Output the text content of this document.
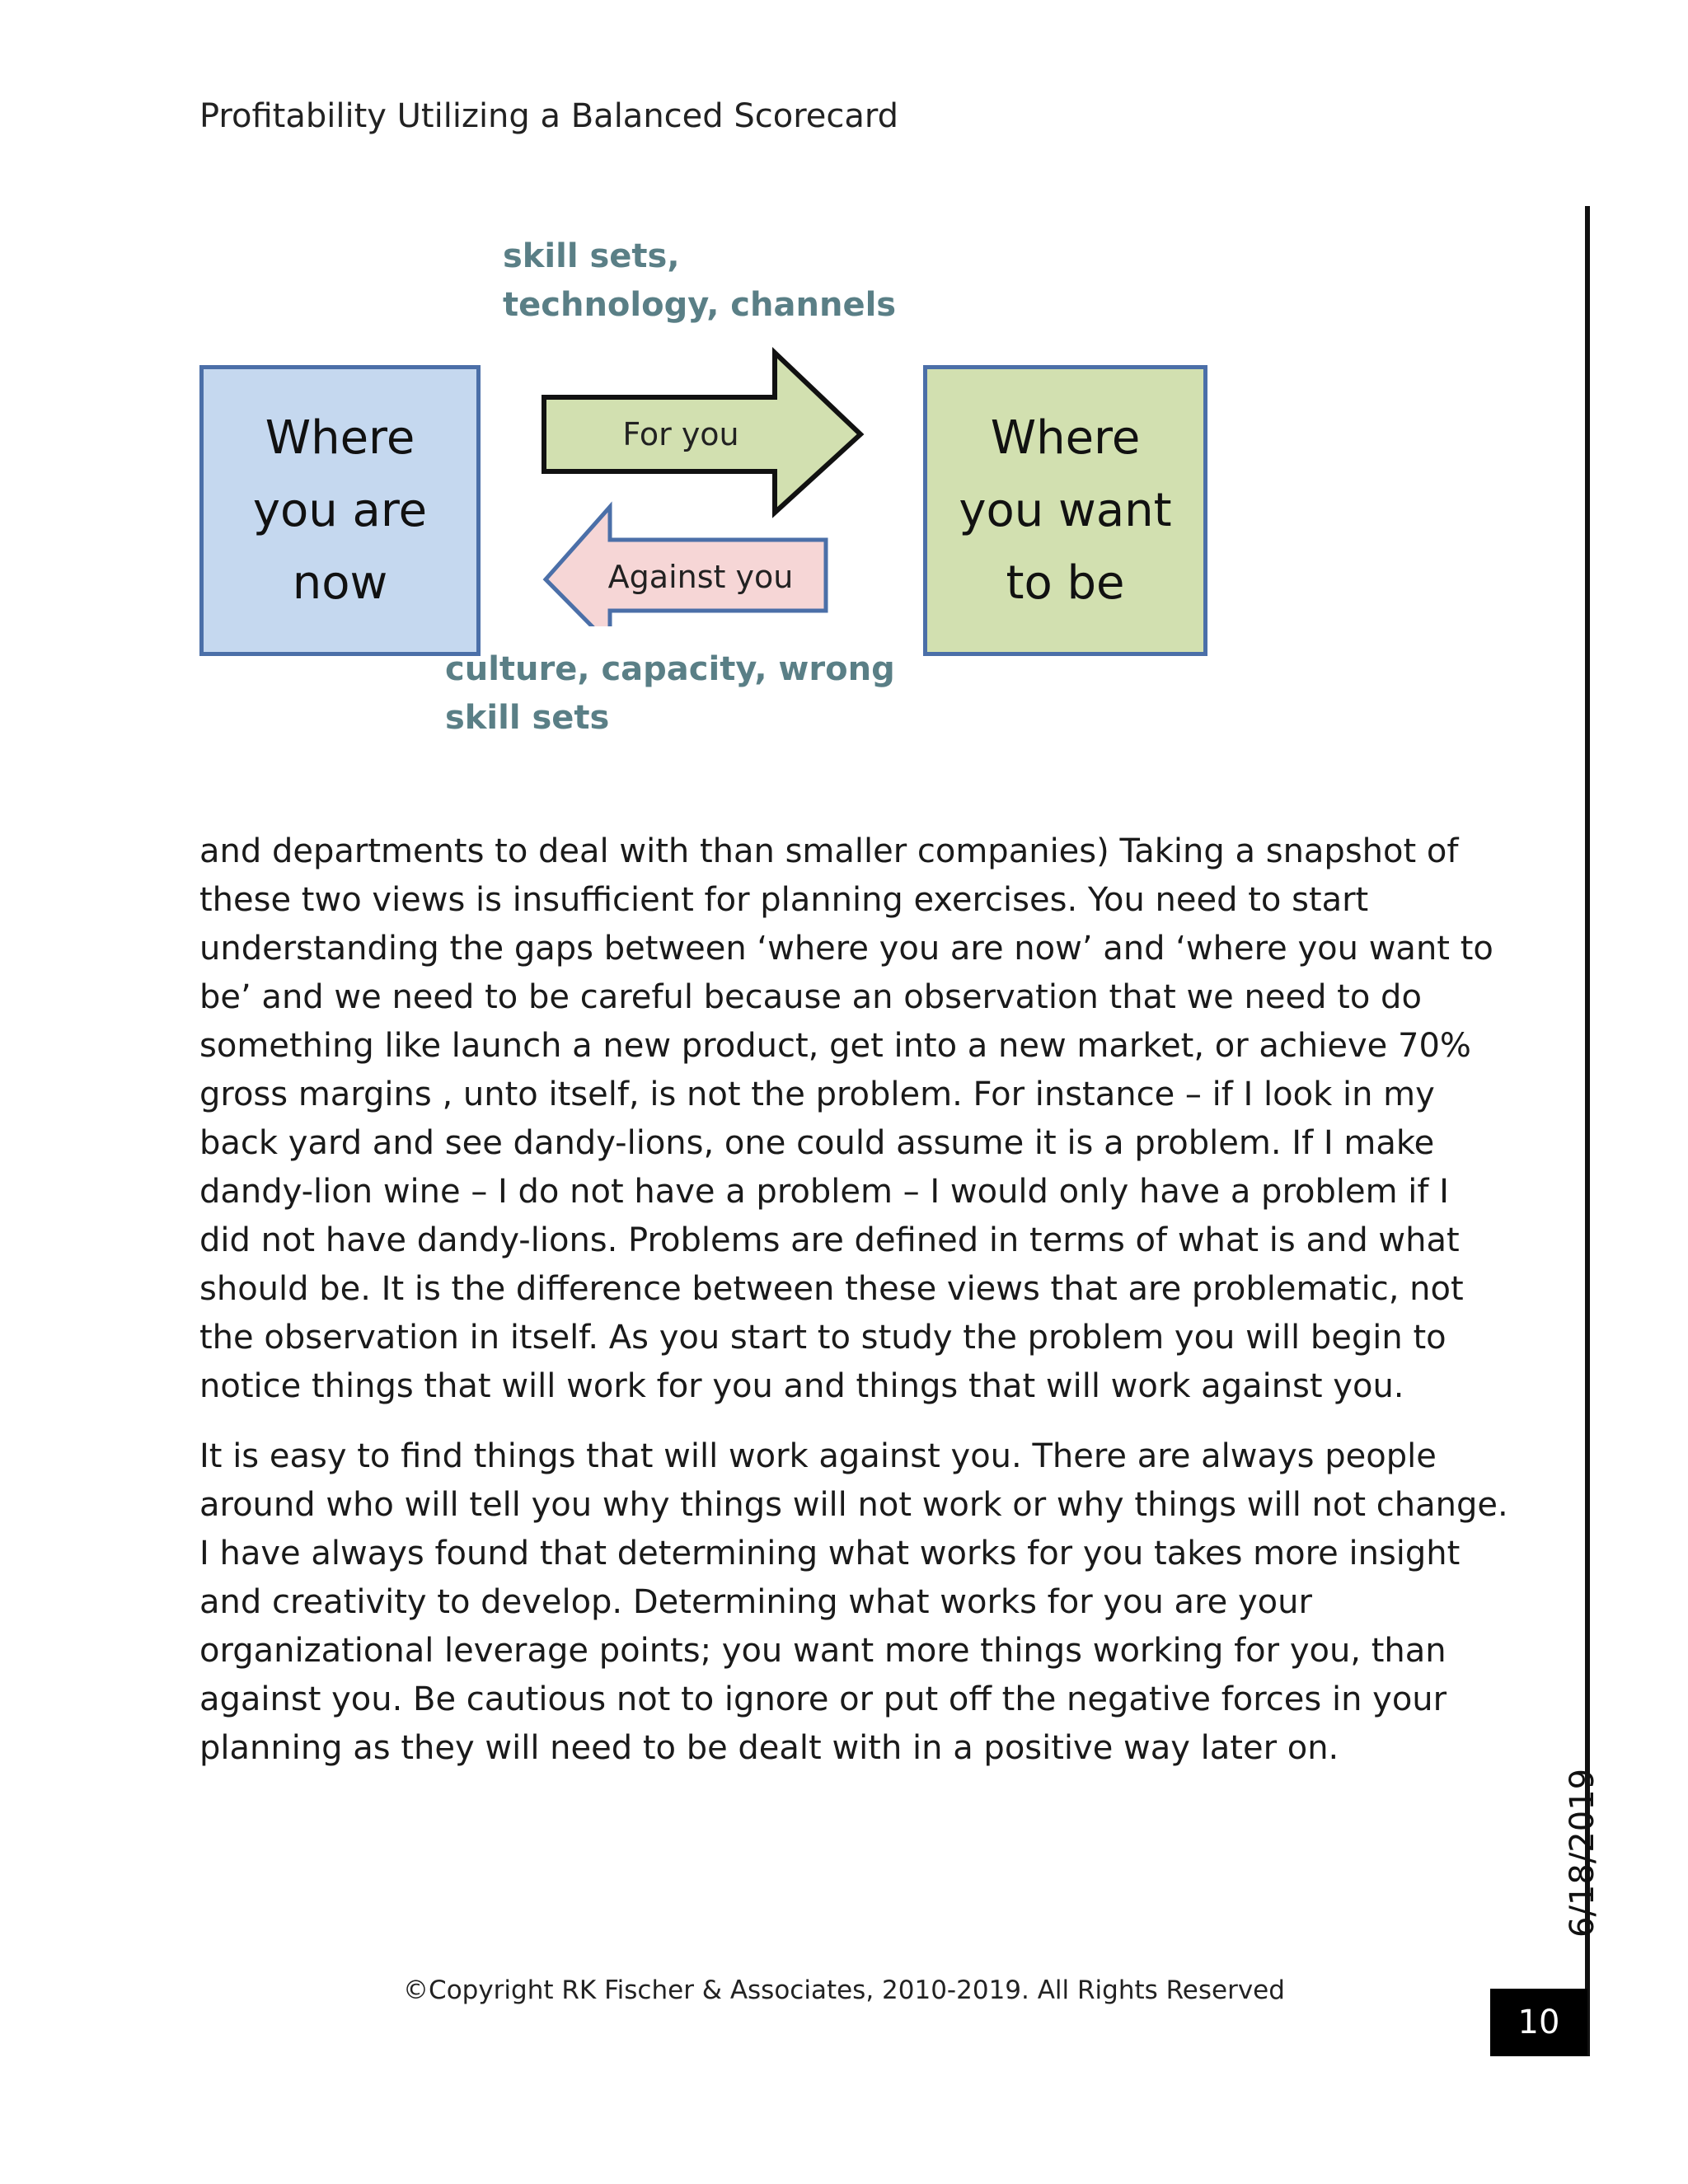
Profitability Utilizing a Balanced Scorecard
skill sets, technology, channels
Where you are now
For you
Against you
Where you want to be
culture, capacity, wrong skill sets

and departments to deal with than smaller companies) Taking a snapshot of these two views is insufficient for planning exercises. You need to start understanding the gaps between ‘where you are now’ and ‘where you want to be’ and we need to be careful because an observation that we need to do something like launch a new product, get into a new market, or achieve 70% gross margins , unto itself, is not the problem. For instance – if I look in my back yard and see dandy-lions, one could assume it is a problem. If I make dandy-lion wine – I do not have a problem – I would only have a problem if I did not have dandy-lions. Problems are defined in terms of what is and what should be. It is the difference between these views that are problematic, not the observation in itself. As you start to study the problem you will begin to notice things that will work for you and things that will work against you.

It is easy to find things that will work against you. There are always people around who will tell you why things will not work or why things will not change. I have always found that determining what works for you takes more insight and creativity to develop. Determining what works for you are your organizational leverage points; you want more things working for you, than against you. Be cautious not to ignore or put off the negative forces in your planning as they will need to be dealt with in a positive way later on.

6/18/2019
10
©Copyright RK Fischer & Associates, 2010-2019. All Rights Reserved
